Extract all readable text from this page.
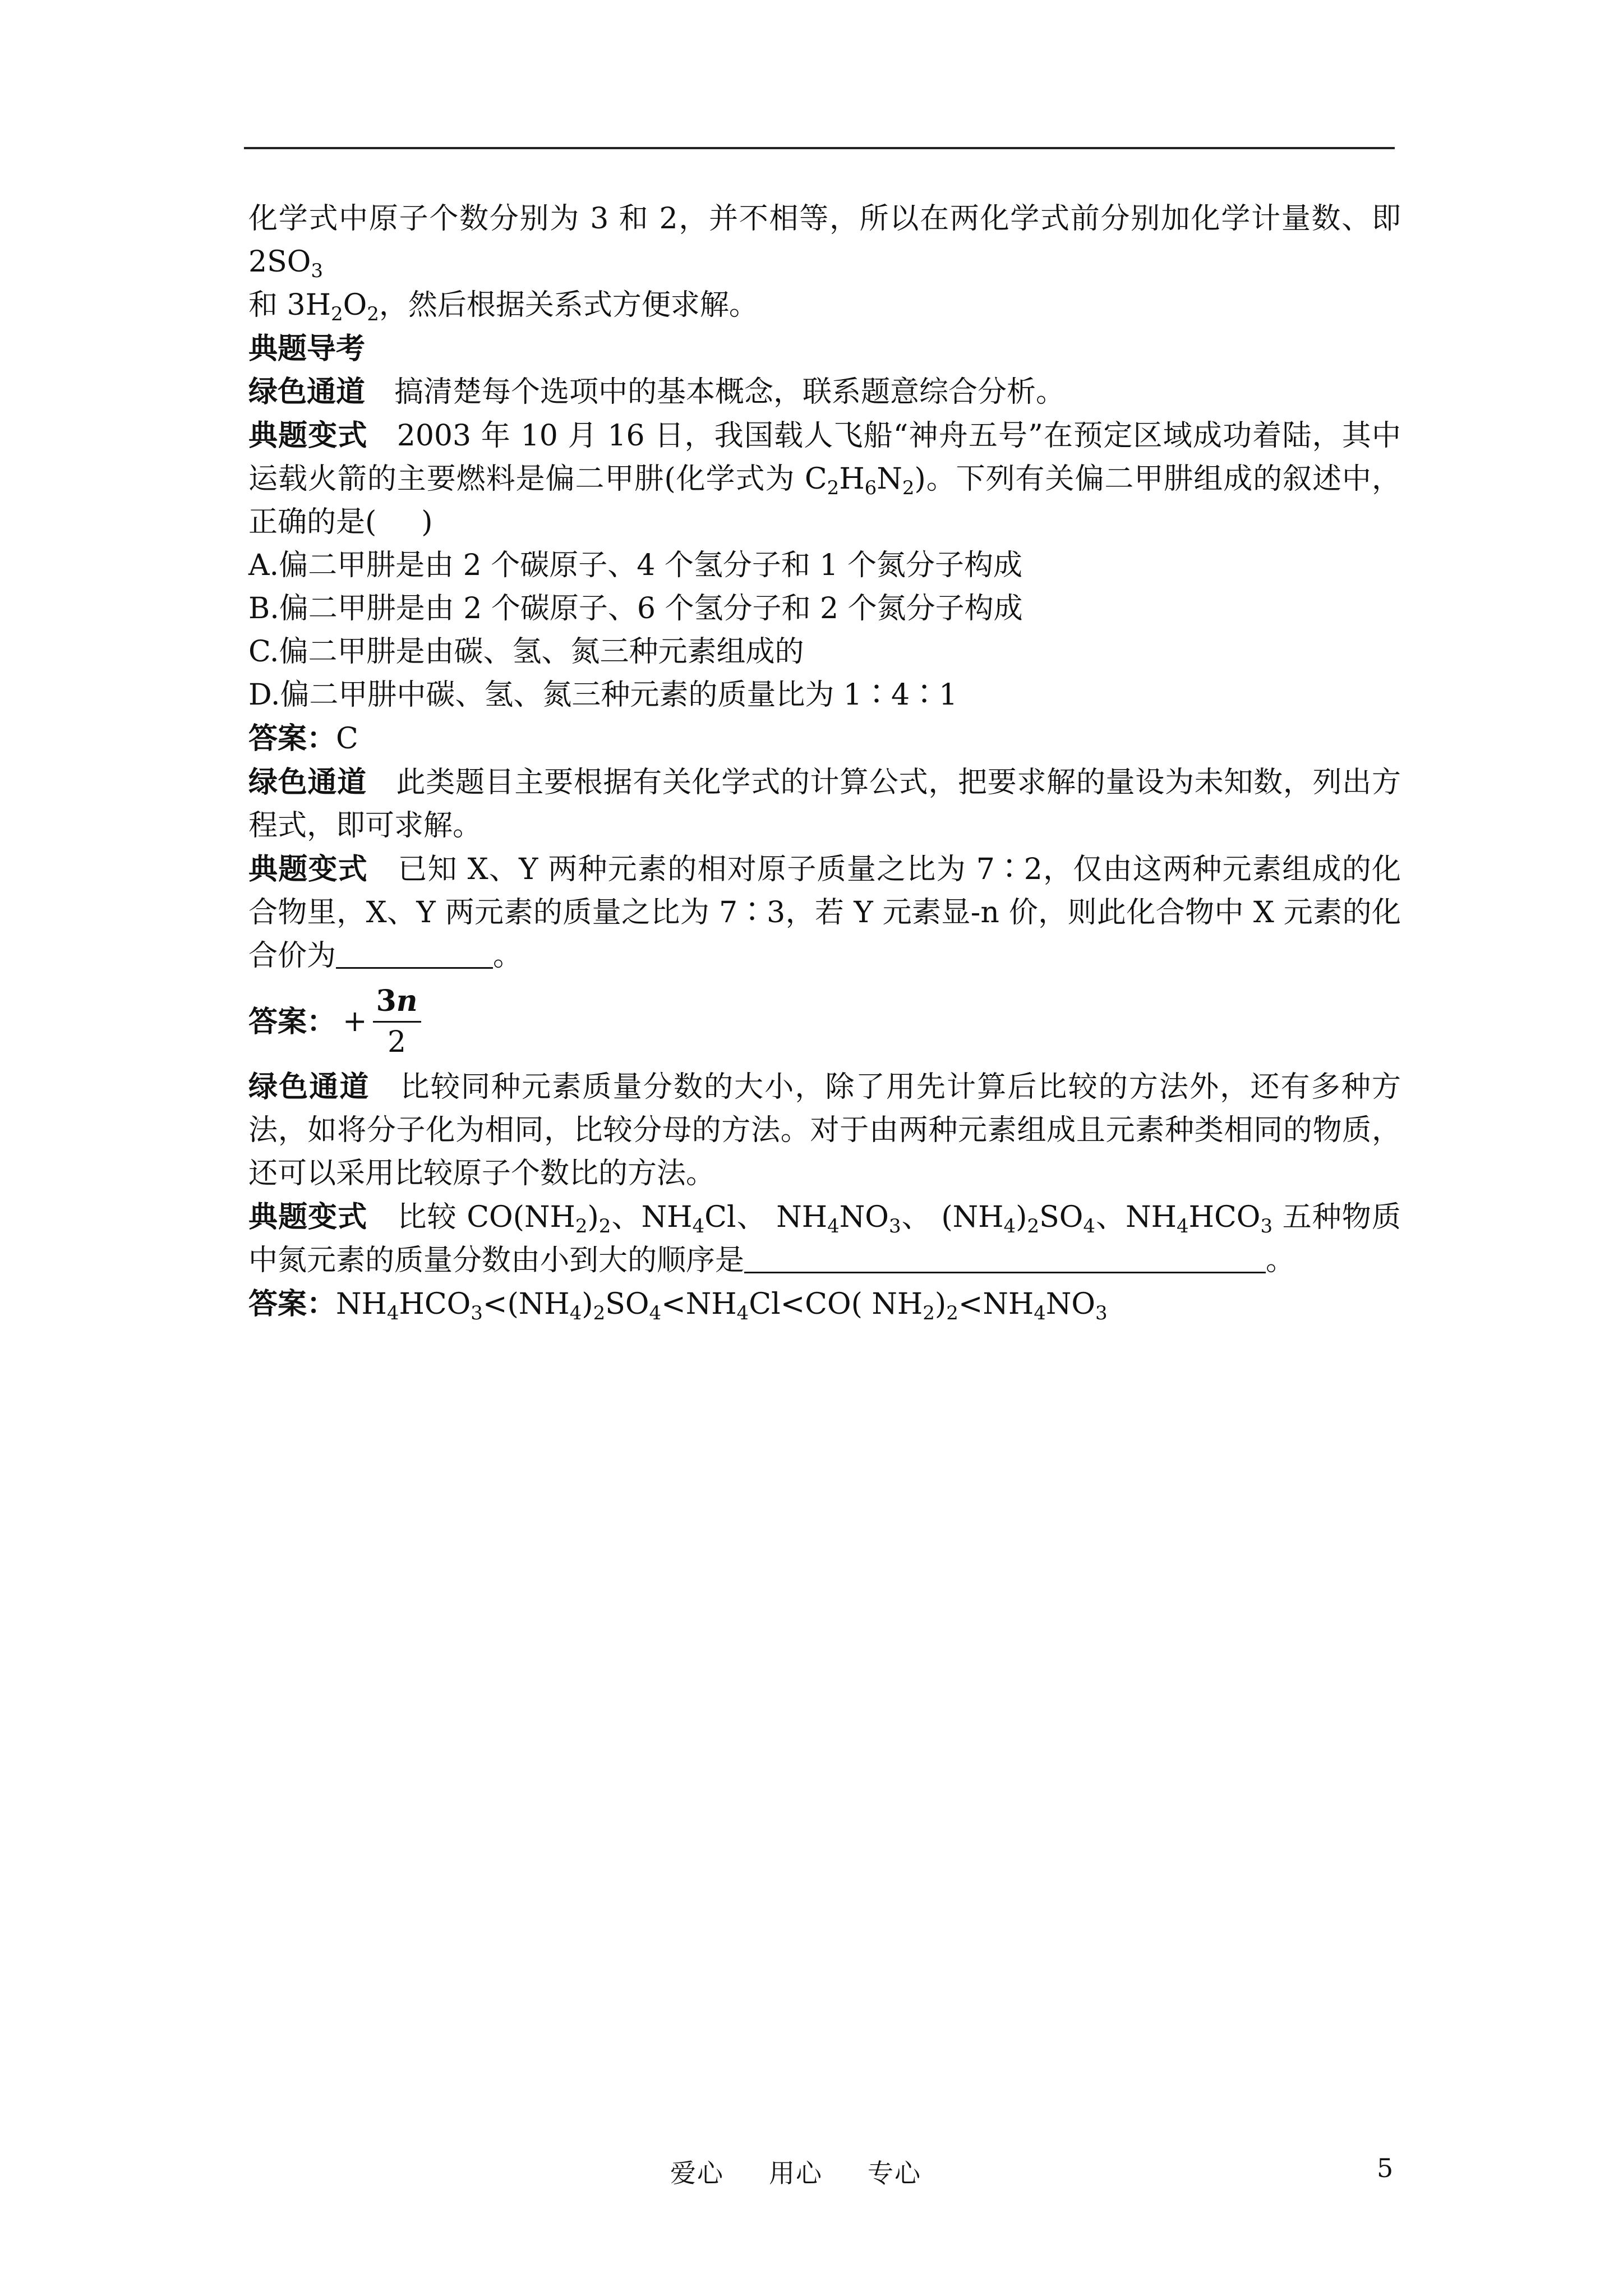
化学式中原子个数分别为 3 和 2，并不相等，所以在两化学式前分别加化学计量数、即 $2SO_3$
和 $3H_2O_2$，然后根据关系式方便求解。

典题导考

绿色通道 搞清楚每个选项中的基本概念，联系题意综合分析。

典题变式 2003 年 10 月 16 日，我国载人飞船“神舟五号”在预定区域成功着陆，其中运载火箭的主要燃料是偏二甲肼(化学式为 $C_2H_6N_2$)。下列有关偏二甲肼组成的叙述中，正确的是( )

A.偏二甲肼是由 2 个碳原子、4 个氢分子和 1 个氮分子构成

B.偏二甲肼是由 2 个碳原子、6 个氢分子和 2 个氮分子构成

C.偏二甲肼是由碳、氢、氮三种元素组成的

D.偏二甲肼中碳、氢、氮三种元素的质量比为 1∶4∶1

答案：C

绿色通道 此类题目主要根据有关化学式的计算公式，把要求解的量设为未知数，列出方程式，即可求解。

典题变式 已知 X、Y 两种元素的相对原子质量之比为 7∶2，仅由这两种元素组成的化合物里，X、Y 两元素的质量之比为 7∶3，若 Y 元素显-n 价，则此化合物中 X 元素的化合价为	。

答案： + $\frac{3n}{2}$

绿色通道 比较同种元素质量分数的大小，除了用先计算后比较的方法外，还有多种方法，如将分子化为相同，比较分母的方法。对于由两种元素组成且元素种类相同的物质，还可以采用比较原子个数比的方法。

典题变式 比较 $CO(NH_2)_2$、$NH_4Cl$、 $NH_4NO_3$、 $(NH_4)_2SO_4$、$NH_4HCO_3$ 五种物质中氮元素的质量分数由小到大的顺序是	。

答案：$NH_4HCO_3<(NH_4)_2SO_4<NH_4Cl<CO$( $NH_2)_2<NH_4NO_3$

爱心 用心 专心	5
